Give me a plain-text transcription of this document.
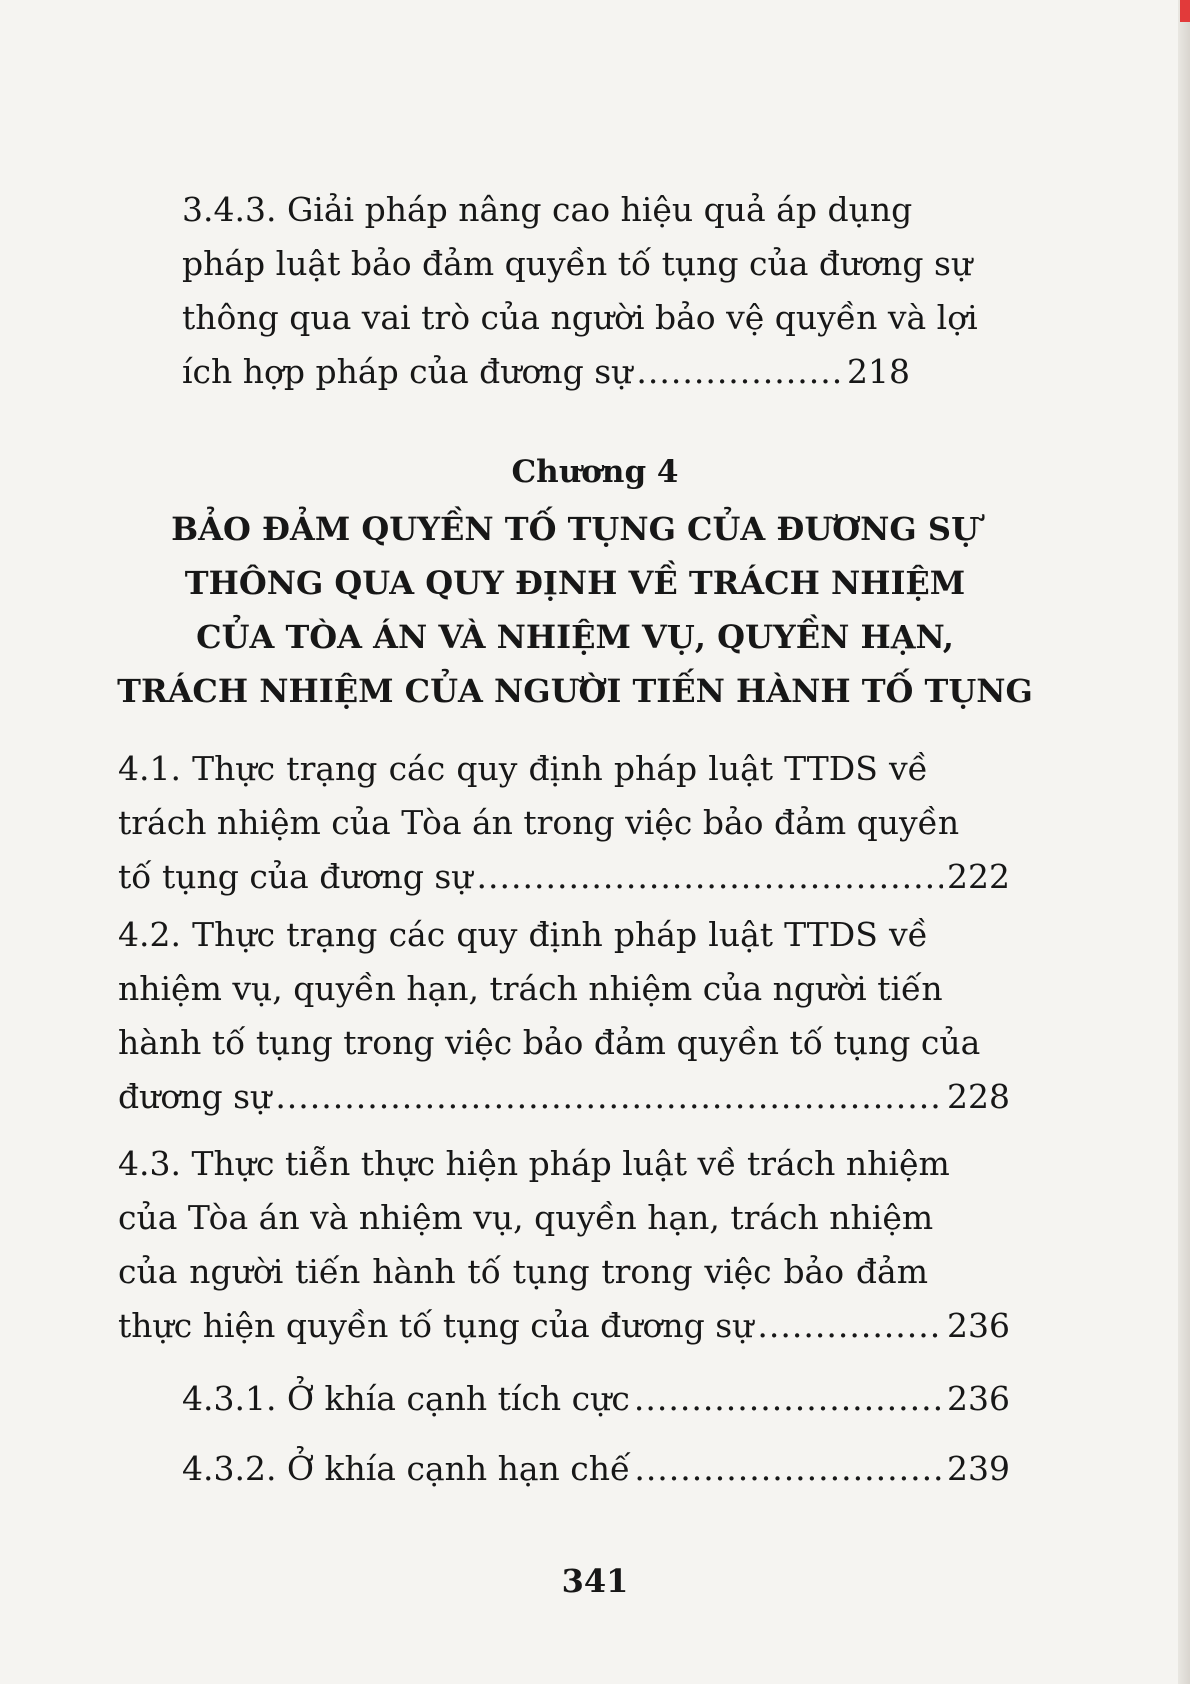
3.4.3. Giải pháp nâng cao hiệu quả áp dụng
pháp luật bảo đảm quyền tố tụng của đương sự
thông qua vai trò của người bảo vệ quyền và lợi
ích hợp pháp của đương sự .....	218
Chương 4
BẢO ĐẢM QUYỀN TỐ TỤNG CỦA ĐƯƠNG SỰ
THÔNG QUA QUY ĐỊNH VỀ TRÁCH NHIỆM
CỦA TÒA ÁN VÀ NHIỆM VỤ, QUYỀN HẠN,
TRÁCH NHIỆM CỦA NGƯỜI TIẾN HÀNH TỐ TỤNG
4.1. Thực trạng các quy định pháp luật TTDS về
trách nhiệm của Tòa án trong việc bảo đảm quyền
tố tụng của đương sự .....	222
4.2. Thực trạng các quy định pháp luật TTDS về
nhiệm vụ, quyền hạn, trách nhiệm của người tiến
hành tố tụng trong việc bảo đảm quyền tố tụng của
đương sự .....	228
4.3. Thực tiễn thực hiện pháp luật về trách nhiệm
của Tòa án và nhiệm vụ, quyền hạn, trách nhiệm
của người tiến hành tố tụng trong việc bảo đảm
thực hiện quyền tố tụng của đương sự .....	236
4.3.1. Ở khía cạnh tích cực .....	236
4.3.2. Ở khía cạnh hạn chế .....	239
341
